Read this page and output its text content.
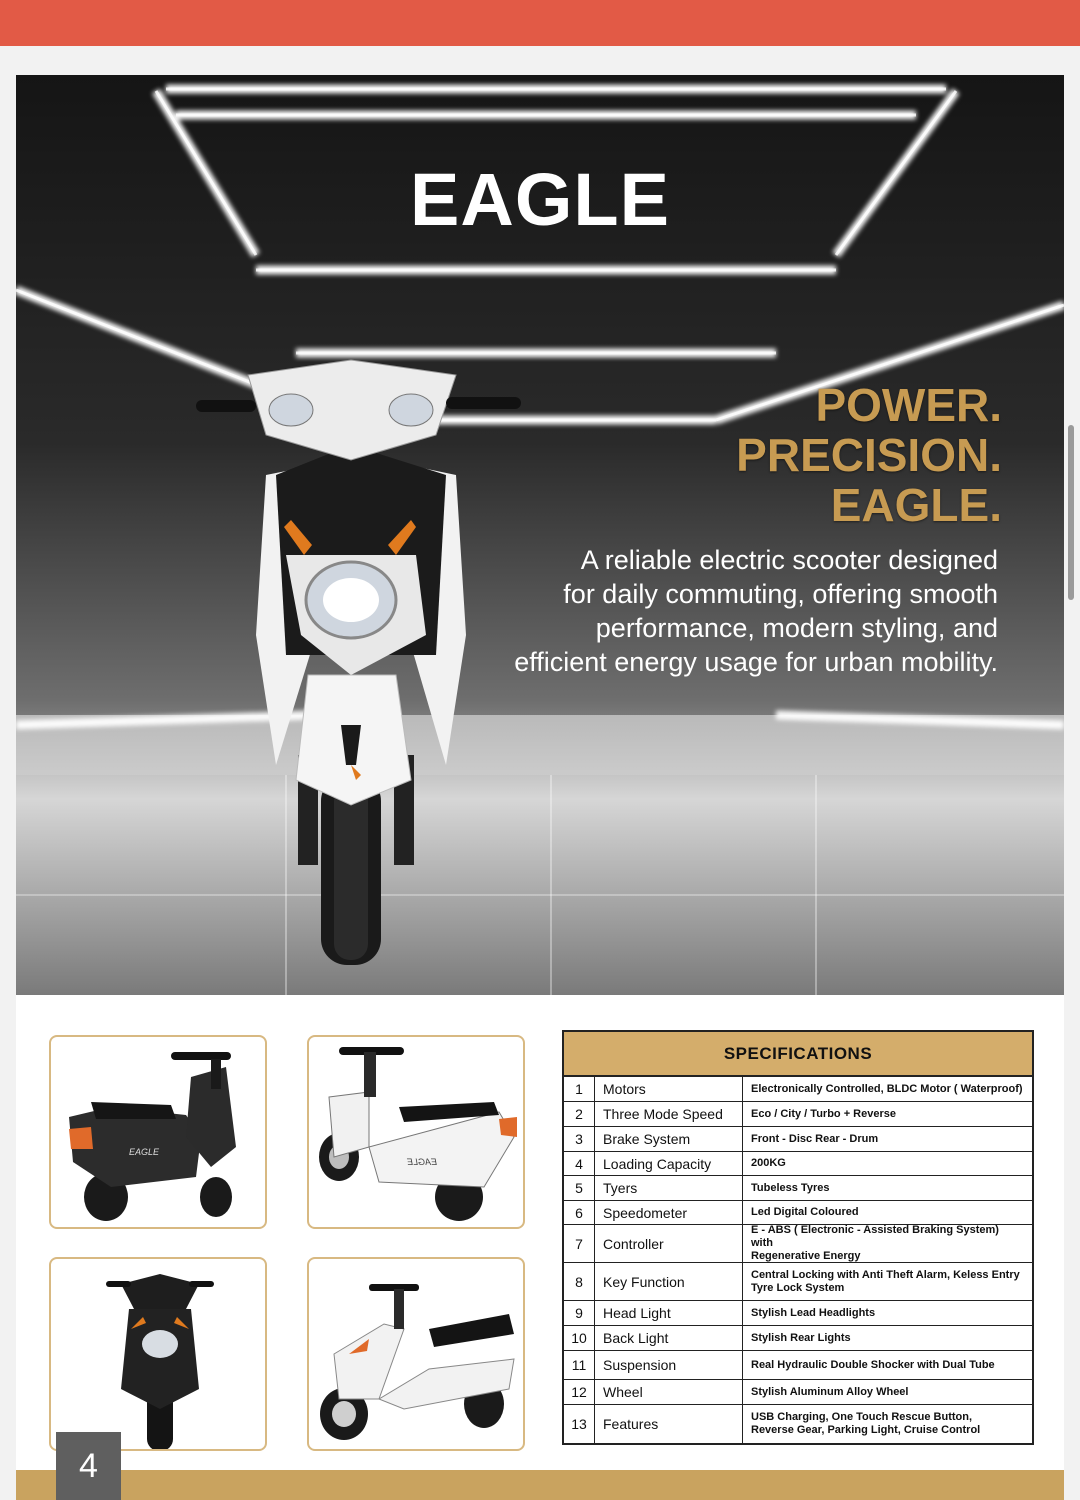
EAGLE
POWER.
PRECISION.
EAGLE.
A reliable electric scooter designed
for daily commuting, offering smooth
performance, modern styling, and
efficient energy usage for urban mobility.
EAGLE
EAGLE
SPECIFICATIONS
1	Motors	Electronically Controlled, BLDC Motor ( Waterproof)
2	Three Mode Speed	Eco / City / Turbo + Reverse
3	Brake System	Front - Disc Rear - Drum
4	Loading Capacity	200KG
5	Tyers	Tubeless Tyres
6	Speedometer	Led Digital Coloured
7	Controller
E - ABS ( Electronic - Assisted Braking System) with
Regenerative Energy
8	Key Function	Central Locking with Anti Theft Alarm, Keless Entry
Tyre Lock System
9	Head Light	Stylish Lead Headlights
10	Back Light	Stylish Rear Lights
11	Suspension	Real Hydraulic Double Shocker with Dual Tube
12	Wheel	Stylish Aluminum Alloy Wheel
13	Features	USB Charging, One Touch Rescue Button,
Reverse Gear, Parking Light, Cruise Control
4
